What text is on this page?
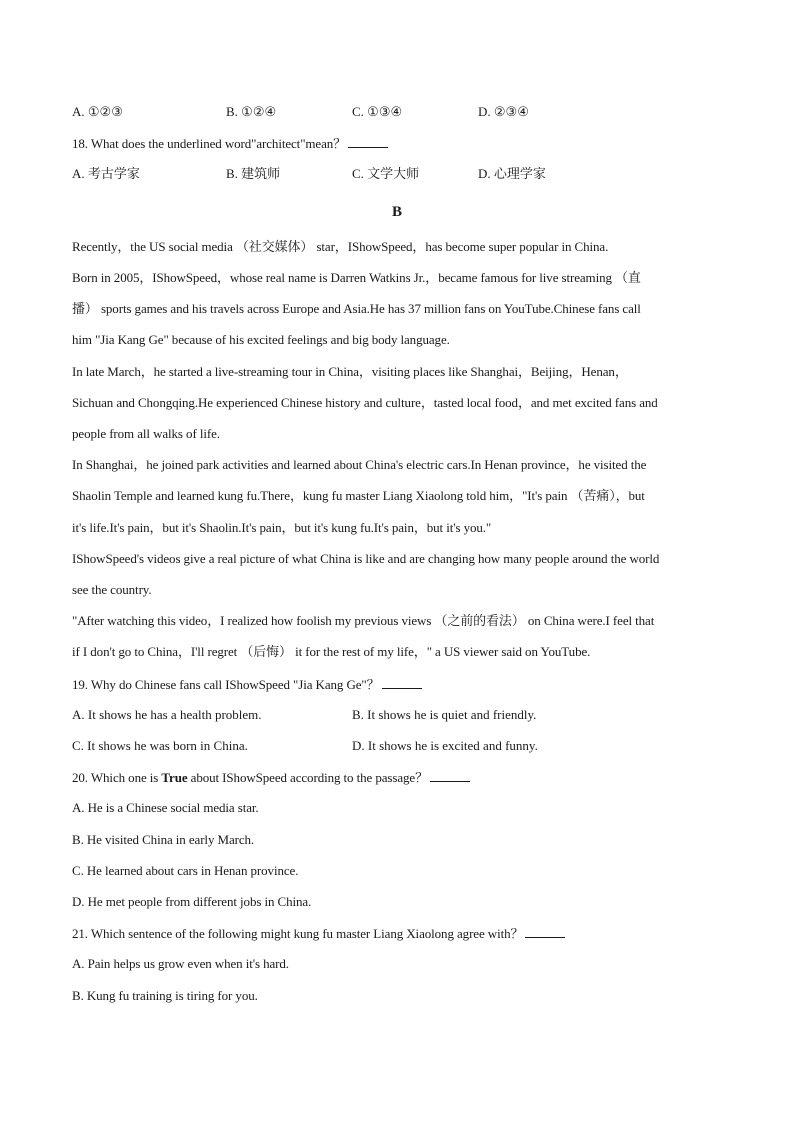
A. ①②③	B. ①②④	C. ①③④	D. ②③④
18. What does the underlined word"architect"mean？
A. 考古学家	B. 建筑师	C. 文学大师	D. 心理学家
B
Recently，the US social media （社交媒体） star，IShowSpeed，has become super popular in China.
Born in 2005，IShowSpeed，whose real name is Darren Watkins Jr.，became famous for live streaming （直
播） sports games and his travels across Europe and Asia.He has 37 million fans on YouTube.Chinese fans call
him "Jia Kang Ge" because of his excited feelings and big body language.
In late March，he started a live-streaming tour in China，visiting places like Shanghai，Beijing，Henan，
Sichuan and Chongqing.He experienced Chinese history and culture，tasted local food，and met excited fans and
people from all walks of life.
In Shanghai，he joined park activities and learned about China's electric cars.In Henan province，he visited the
Shaolin Temple and learned kung fu.There，kung fu master Liang Xiaolong told him，"It's pain （苦痛），but
it's life.It's pain，but it's Shaolin.It's pain，but it's kung fu.It's pain，but it's you."
IShowSpeed's videos give a real picture of what China is like and are changing how many people around the world
see the country.
"After watching this video，I realized how foolish my previous views （之前的看法） on China were.I feel that
if I don't go to China，I'll regret （后悔） it for the rest of my life，" a US viewer said on YouTube.
19. Why do Chinese fans call IShowSpeed "Jia Kang Ge"？
A. It shows he has a health problem.	B. It shows he is quiet and friendly.
C. It shows he was born in China.	D. It shows he is excited and funny.
20. Which one is True about IShowSpeed according to the passage？
A. He is a Chinese social media star.
B. He visited China in early March.
C. He learned about cars in Henan province.
D. He met people from different jobs in China.
21. Which sentence of the following might kung fu master Liang Xiaolong agree with？
A. Pain helps us grow even when it's hard.
B. Kung fu training is tiring for you.
